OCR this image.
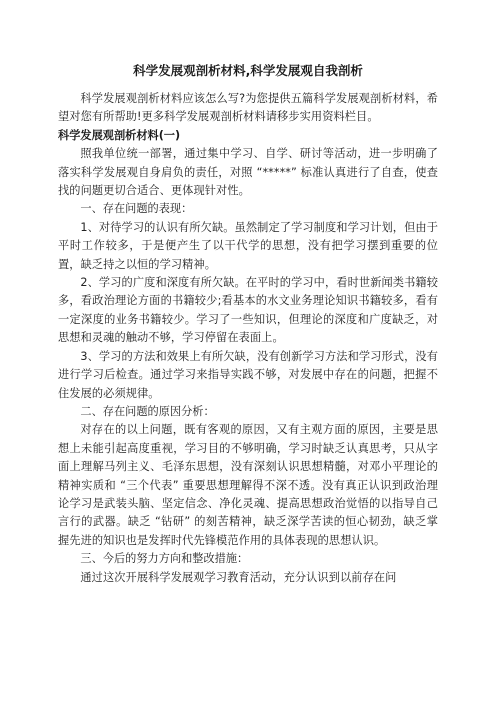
科学发展观剖析材料,科学发展观自我剖析

科学发展观剖析材料应该怎么写?为您提供五篇科学发展观剖析材料，希望对您有所帮助!更多科学发展观剖析材料请移步实用资料栏目。

科学发展观剖析材料(一)

照我单位统一部署，通过集中学习、自学、研讨等活动，进一步明确了落实科学发展观自身肩负的责任，对照 “*****” 标准认真进行了自查，使查找的问题更切合适合、更体现针对性。

一、存在问题的表现：

1、对待学习的认识有所欠缺。虽然制定了学习制度和学习计划，但由于平时工作较多，于是便产生了以干代学的思想，没有把学习摆到重要的位置，缺乏持之以恒的学习精神。

2、学习的广度和深度有所欠缺。在平时的学习中，看时世新闻类书籍较多，看政治理论方面的书籍较少;看基本的水文业务理论知识书籍较多，看有一定深度的业务书籍较少。学习了一些知识，但理论的深度和广度缺乏，对思想和灵魂的触动不够，学习停留在表面上。

3、学习的方法和效果上有所欠缺，没有创新学习方法和学习形式，没有进行学习后检查。通过学习来指导实践不够，对发展中存在的问题，把握不住发展的必须规律。

二、存在问题的原因分析：

对存在的以上问题，既有客观的原因，又有主观方面的原因，主要是思想上未能引起高度重视，学习目的不够明确，学习时缺乏认真思考，只从字面上理解马列主义、毛泽东思想，没有深刻认识思想精髓，对邓小平理论的精神实质和 “三个代表” 重要思想理解得不深不透。没有真正认识到政治理论学习是武装头脑、坚定信念、净化灵魂、提高思想政治觉悟的以指导自己言行的武器。缺乏 “钻研” 的刻苦精神，缺乏深学苦读的恒心韧劲，缺乏掌握先进的知识也是发挥时代先锋模范作用的具体表现的思想认识。

三、今后的努力方向和整改措施：

通过这次开展科学发展观学习教育活动，充分认识到以前存在问
